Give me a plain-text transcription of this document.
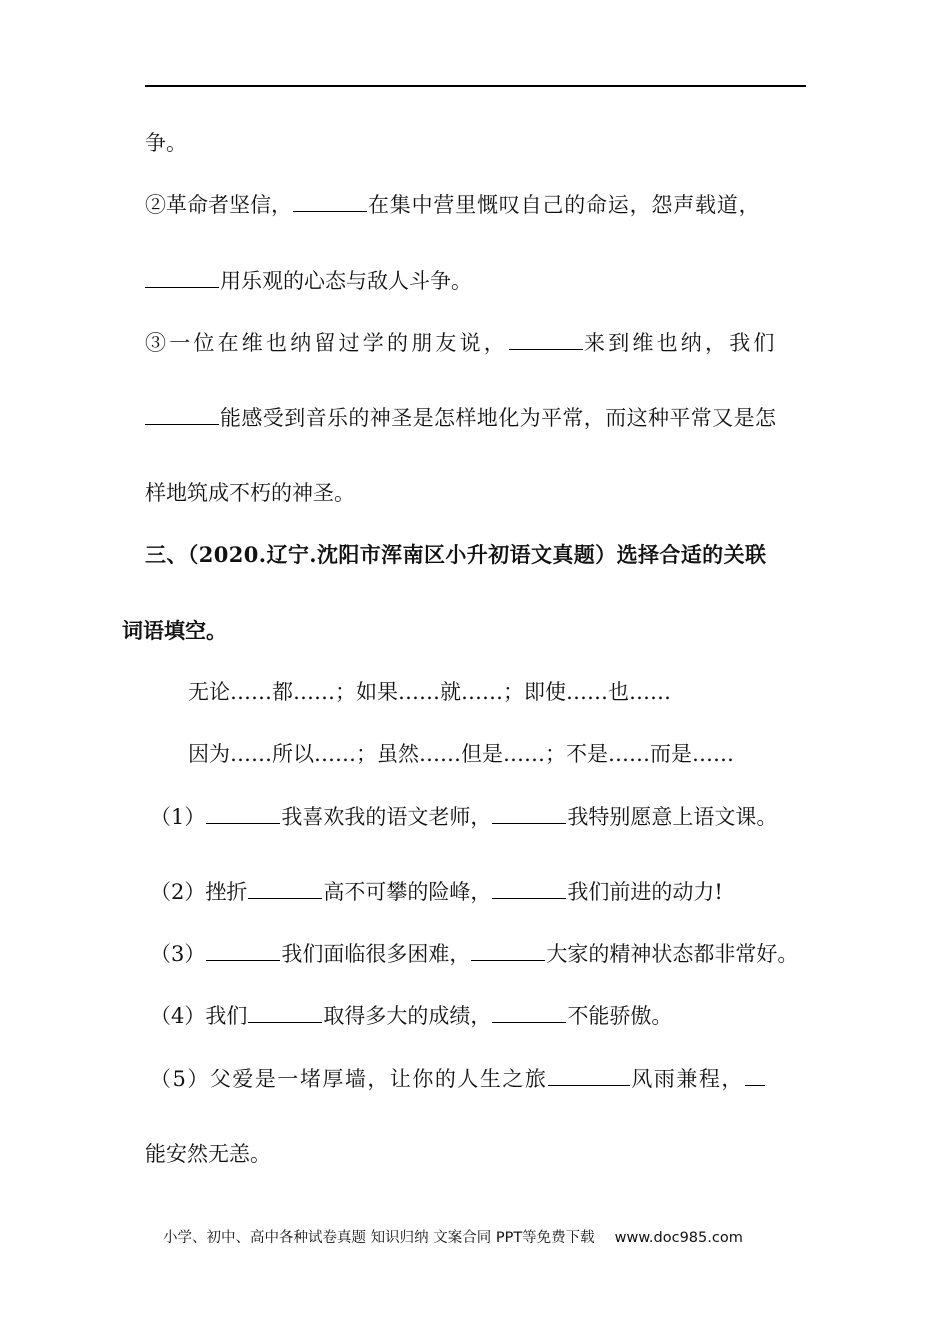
争。
②革命者坚信，	在集中营里慨叹自己的命运，怨声载道，
用乐观的心态与敌人斗争。
③一位在维也纳留过学的朋友说，	来到维也纳，我们
能感受到音乐的神圣是怎样地化为平常，而这种平常又是怎
样地筑成不朽的神圣。
三、（2020.辽宁.沈阳市浑南区小升初语文真题）选择合适的关联
词语填空。
无论……都……；如果……就……；即使……也……
因为……所以……；虽然……但是……；不是……而是……
（1）	我喜欢我的语文老师，	我特别愿意上语文课。
（2）挫折	高不可攀的险峰，	我们前进的动力!
（3）	我们面临很多困难，	大家的精神状态都非常好。
（4）我们	取得多大的成绩，	不能骄傲。
（5）父爱是一堵厚墙，让你的人生之旅	风雨兼程，
能安然无恙。
小学、初中、高中各种试卷真题 知识归纳 文案合同 PPT等免费下载 www.doc985.com
